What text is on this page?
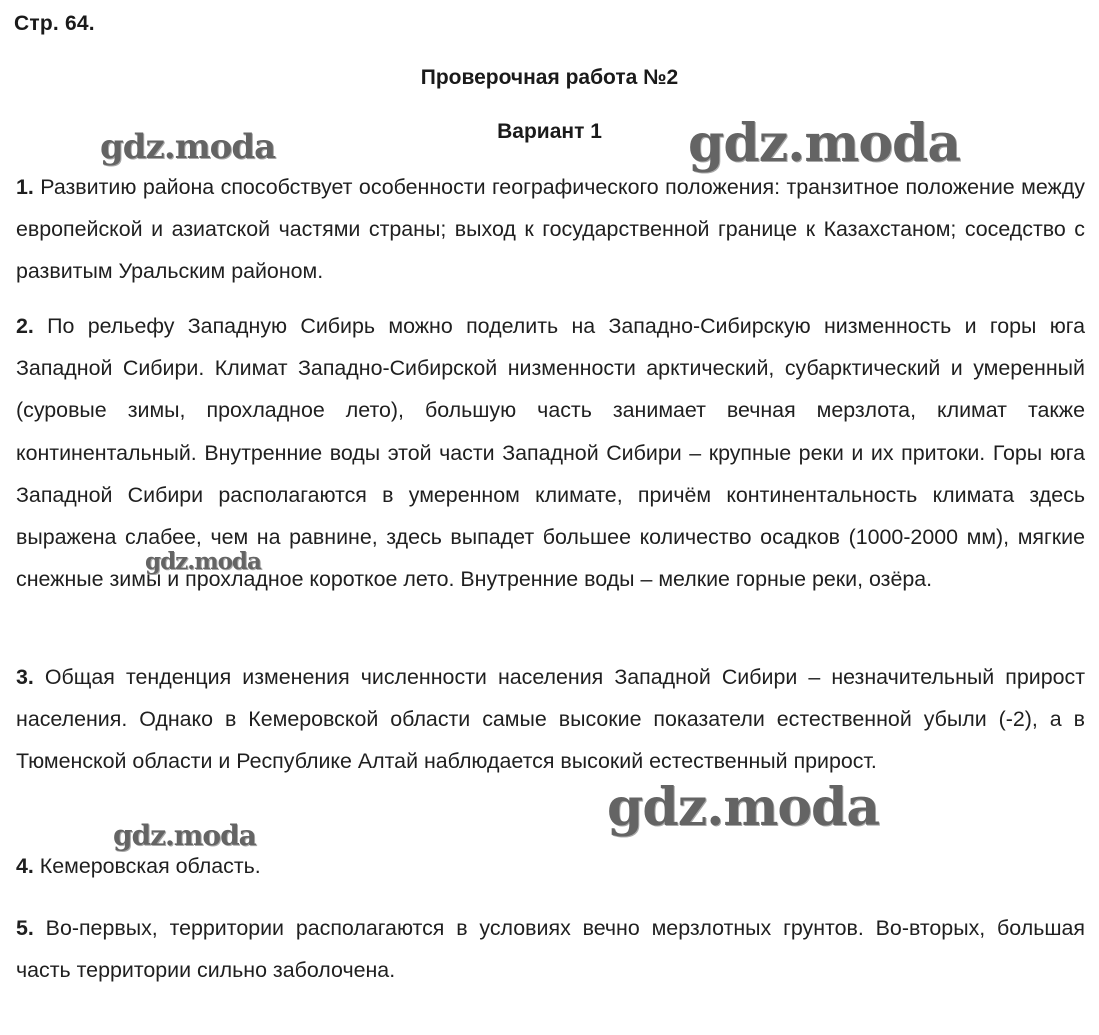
Стр. 64.
Проверочная работа №2
Вариант 1

1. Развитию района способствует особенности географического положения: транзитное положение между европейской и азиатской частями страны; выход к государственной границе к Казахстаном; соседство с развитым Уральским районом.

2. По рельефу Западную Сибирь можно поделить на Западно-Сибирскую низменность и горы юга Западной Сибири. Климат Западно-Сибирской низменности арктический, субарктический и умеренный (суровые зимы, прохладное лето), большую часть занимает вечная мерзлота, климат также континентальный. Внутренние воды этой части Западной Сибири – крупные реки и их притоки. Горы юга Западной Сибири располагаются в умеренном климате, причём континентальность климата здесь выражена слабее, чем на равнине, здесь выпадет большее количество осадков (1000-2000 мм), мягкие снежные зимы и прохладное короткое лето. Внутренние воды – мелкие горные реки, озёра.

3. Общая тенденция изменения численности населения Западной Сибири – незначительный прирост населения. Однако в Кемеровской области самые высокие показатели естественной убыли (-2), а в Тюменской области и Республике Алтай наблюдается высокий естественный прирост.

4. Кемеровская область.

5. Во-первых, территории располагаются в условиях вечно мерзлотных грунтов. Во-вторых, большая часть территории сильно заболочена.

gdz.moda	gdz.moda
gdz.moda
gdz.moda
gdz.moda
